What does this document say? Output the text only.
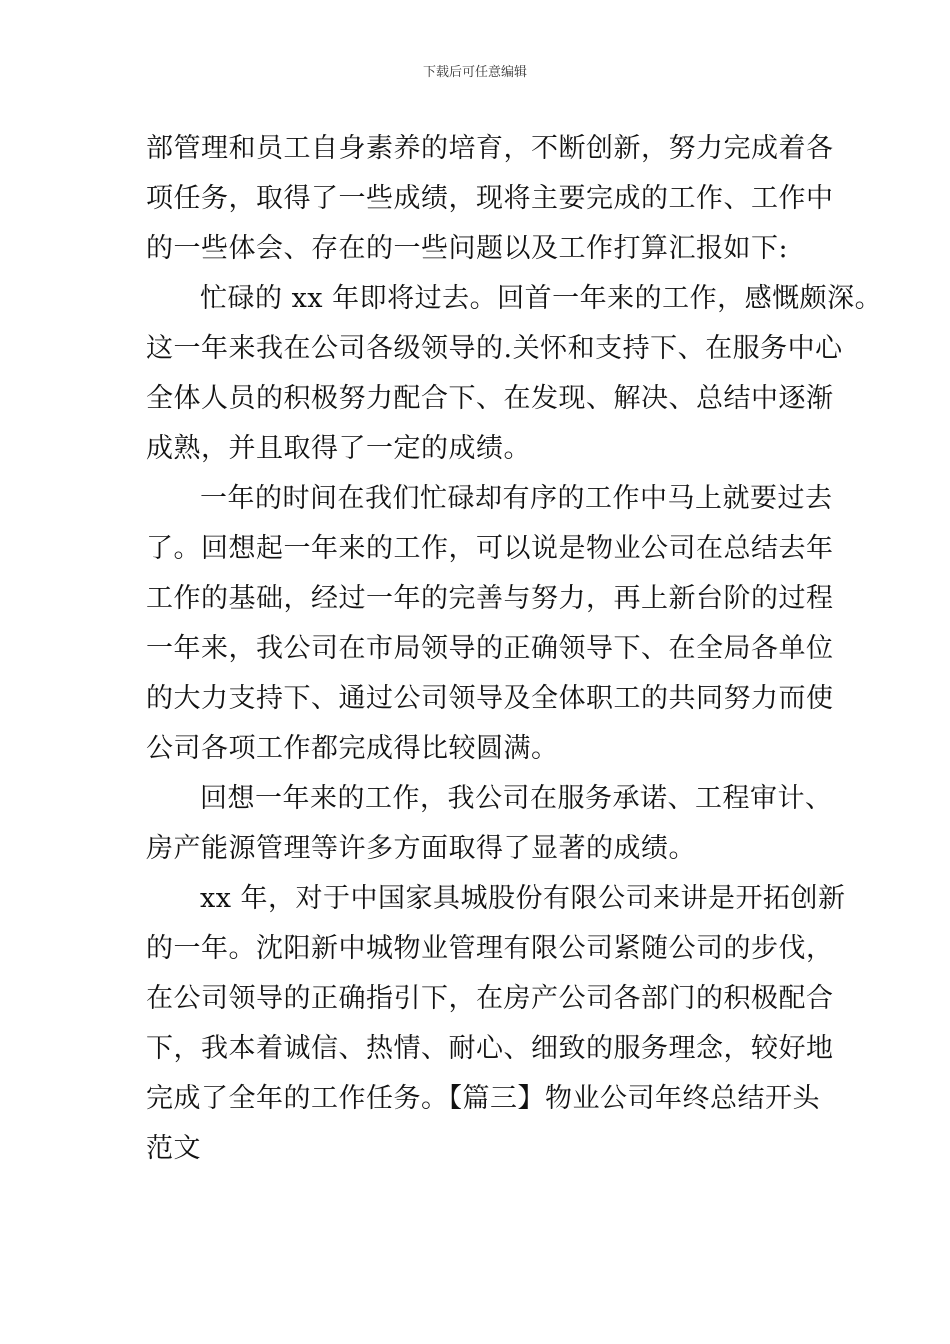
下载后可任意编辑
部管理和员工自身素养的培育，不断创新，努力完成着各
项任务，取得了一些成绩，现将主要完成的工作、工作中
的一些体会、存在的一些问题以及工作打算汇报如下:
忙碌的 xx 年即将过去。回首一年来的工作，感慨颇深。
这一年来我在公司各级领导的.关怀和支持下、在服务中心
全体人员的积极努力配合下、在发现、解决、总结中逐渐
成熟，并且取得了一定的成绩。
一年的时间在我们忙碌却有序的工作中马上就要过去
了。回想起一年来的工作，可以说是物业公司在总结去年
工作的基础，经过一年的完善与努力，再上新台阶的过程
一年来，我公司在市局领导的正确领导下、在全局各单位
的大力支持下、通过公司领导及全体职工的共同努力而使
公司各项工作都完成得比较圆满。
回想一年来的工作，我公司在服务承诺、工程审计、
房产能源管理等许多方面取得了显著的成绩。
xx 年，对于中国家具城股份有限公司来讲是开拓创新
的一年。沈阳新中城物业管理有限公司紧随公司的步伐，
在公司领导的正确指引下，在房产公司各部门的积极配合
下，我本着诚信、热情、耐心、细致的服务理念，较好地
完成了全年的工作任务。【篇三】物业公司年终总结开头
范文
